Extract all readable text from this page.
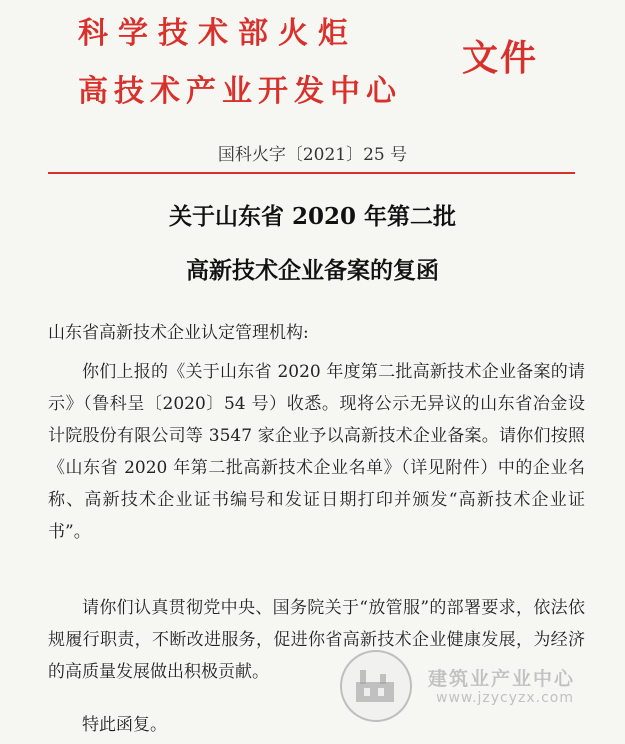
科学技术部火炬
高技术产业开发中心
文件
国科火字〔2021〕25 号
关于山东省 2020 年第二批
高新技术企业备案的复函
山东省高新技术企业认定管理机构:

你们上报的《关于山东省 2020 年度第二批高新技术企业备案的请示》（鲁科呈〔2020〕54 号）收悉。现将公示无异议的山东省冶金设计院股份有限公司等 3547 家企业予以高新技术企业备案。请你们按照《山东省 2020 年第二批高新技术企业名单》（详见附件）中的企业名称、高新技术企业证书编号和发证日期打印并颁发“高新技术企业证书”。

请你们认真贯彻党中央、国务院关于“放管服”的部署要求，依法依规履行职责，不断改进服务，促进你省高新技术企业健康发展，为经济的高质量发展做出积极贡献。

特此函复。
建筑业产业中心
www.jzycyzx.com
